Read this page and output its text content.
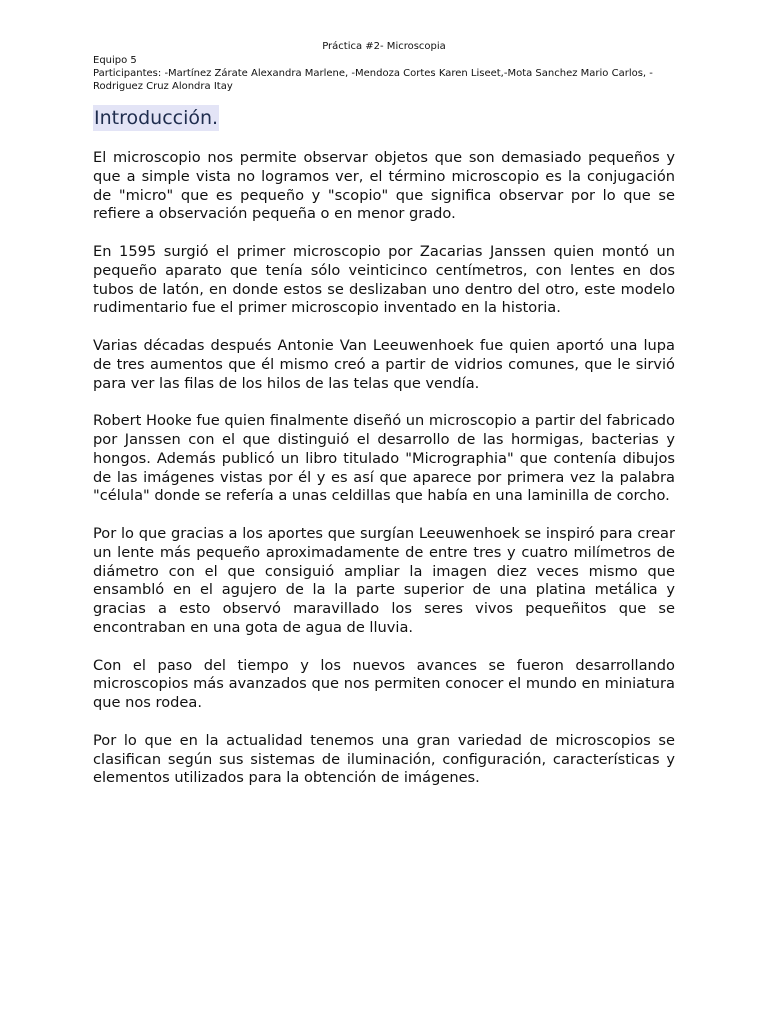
Práctica #2- Microscopia

Equipo 5

Participantes: -Martínez Zárate Alexandra Marlene, -Mendoza Cortes Karen Liseet,-Mota Sanchez Mario Carlos, -Rodriguez Cruz Alondra Itay

Introducción.

El microscopio nos permite observar objetos que son demasiado pequeños y que a simple vista no logramos ver, el término microscopio es la conjugación de "micro" que es pequeño y "scopio" que significa observar por lo que se refiere a observación pequeña o en menor grado.

En 1595 surgió el primer microscopio por Zacarias Janssen quien montó un pequeño aparato que tenía sólo veinticinco centímetros, con lentes en dos tubos de latón, en donde estos se deslizaban uno dentro del otro, este modelo rudimentario fue el primer microscopio inventado en la historia.

Varias décadas después Antonie Van Leeuwenhoek fue quien aportó una lupa de tres aumentos que él mismo creó a partir de vidrios comunes, que le sirvió para ver las filas de los hilos de las telas que vendía.

Robert Hooke fue quien finalmente diseñó un microscopio a partir del fabricado por Janssen con el que distinguió el desarrollo de las hormigas, bacterias y hongos. Además publicó un libro titulado "Micrographia" que contenía dibujos de las imágenes vistas por él y es así que aparece por primera vez la palabra "célula" donde se refería a unas celdillas que había en una laminilla de corcho.

Por lo que gracias a los aportes que surgían Leeuwenhoek se inspiró para crear un lente más pequeño aproximadamente de entre tres y cuatro milímetros de diámetro con el que consiguió ampliar la imagen diez veces mismo que ensambló en el agujero de la la parte superior de una platina metálica y gracias a esto observó maravillado los seres vivos pequeñitos que se encontraban en una gota de agua de lluvia.

Con el paso del tiempo y los nuevos avances se fueron desarrollando microscopios más avanzados que nos permiten conocer el mundo en miniatura que nos rodea.

Por lo que en la actualidad tenemos una gran variedad de microscopios se clasifican según sus sistemas de iluminación, configuración, características y elementos utilizados para la obtención de imágenes.
